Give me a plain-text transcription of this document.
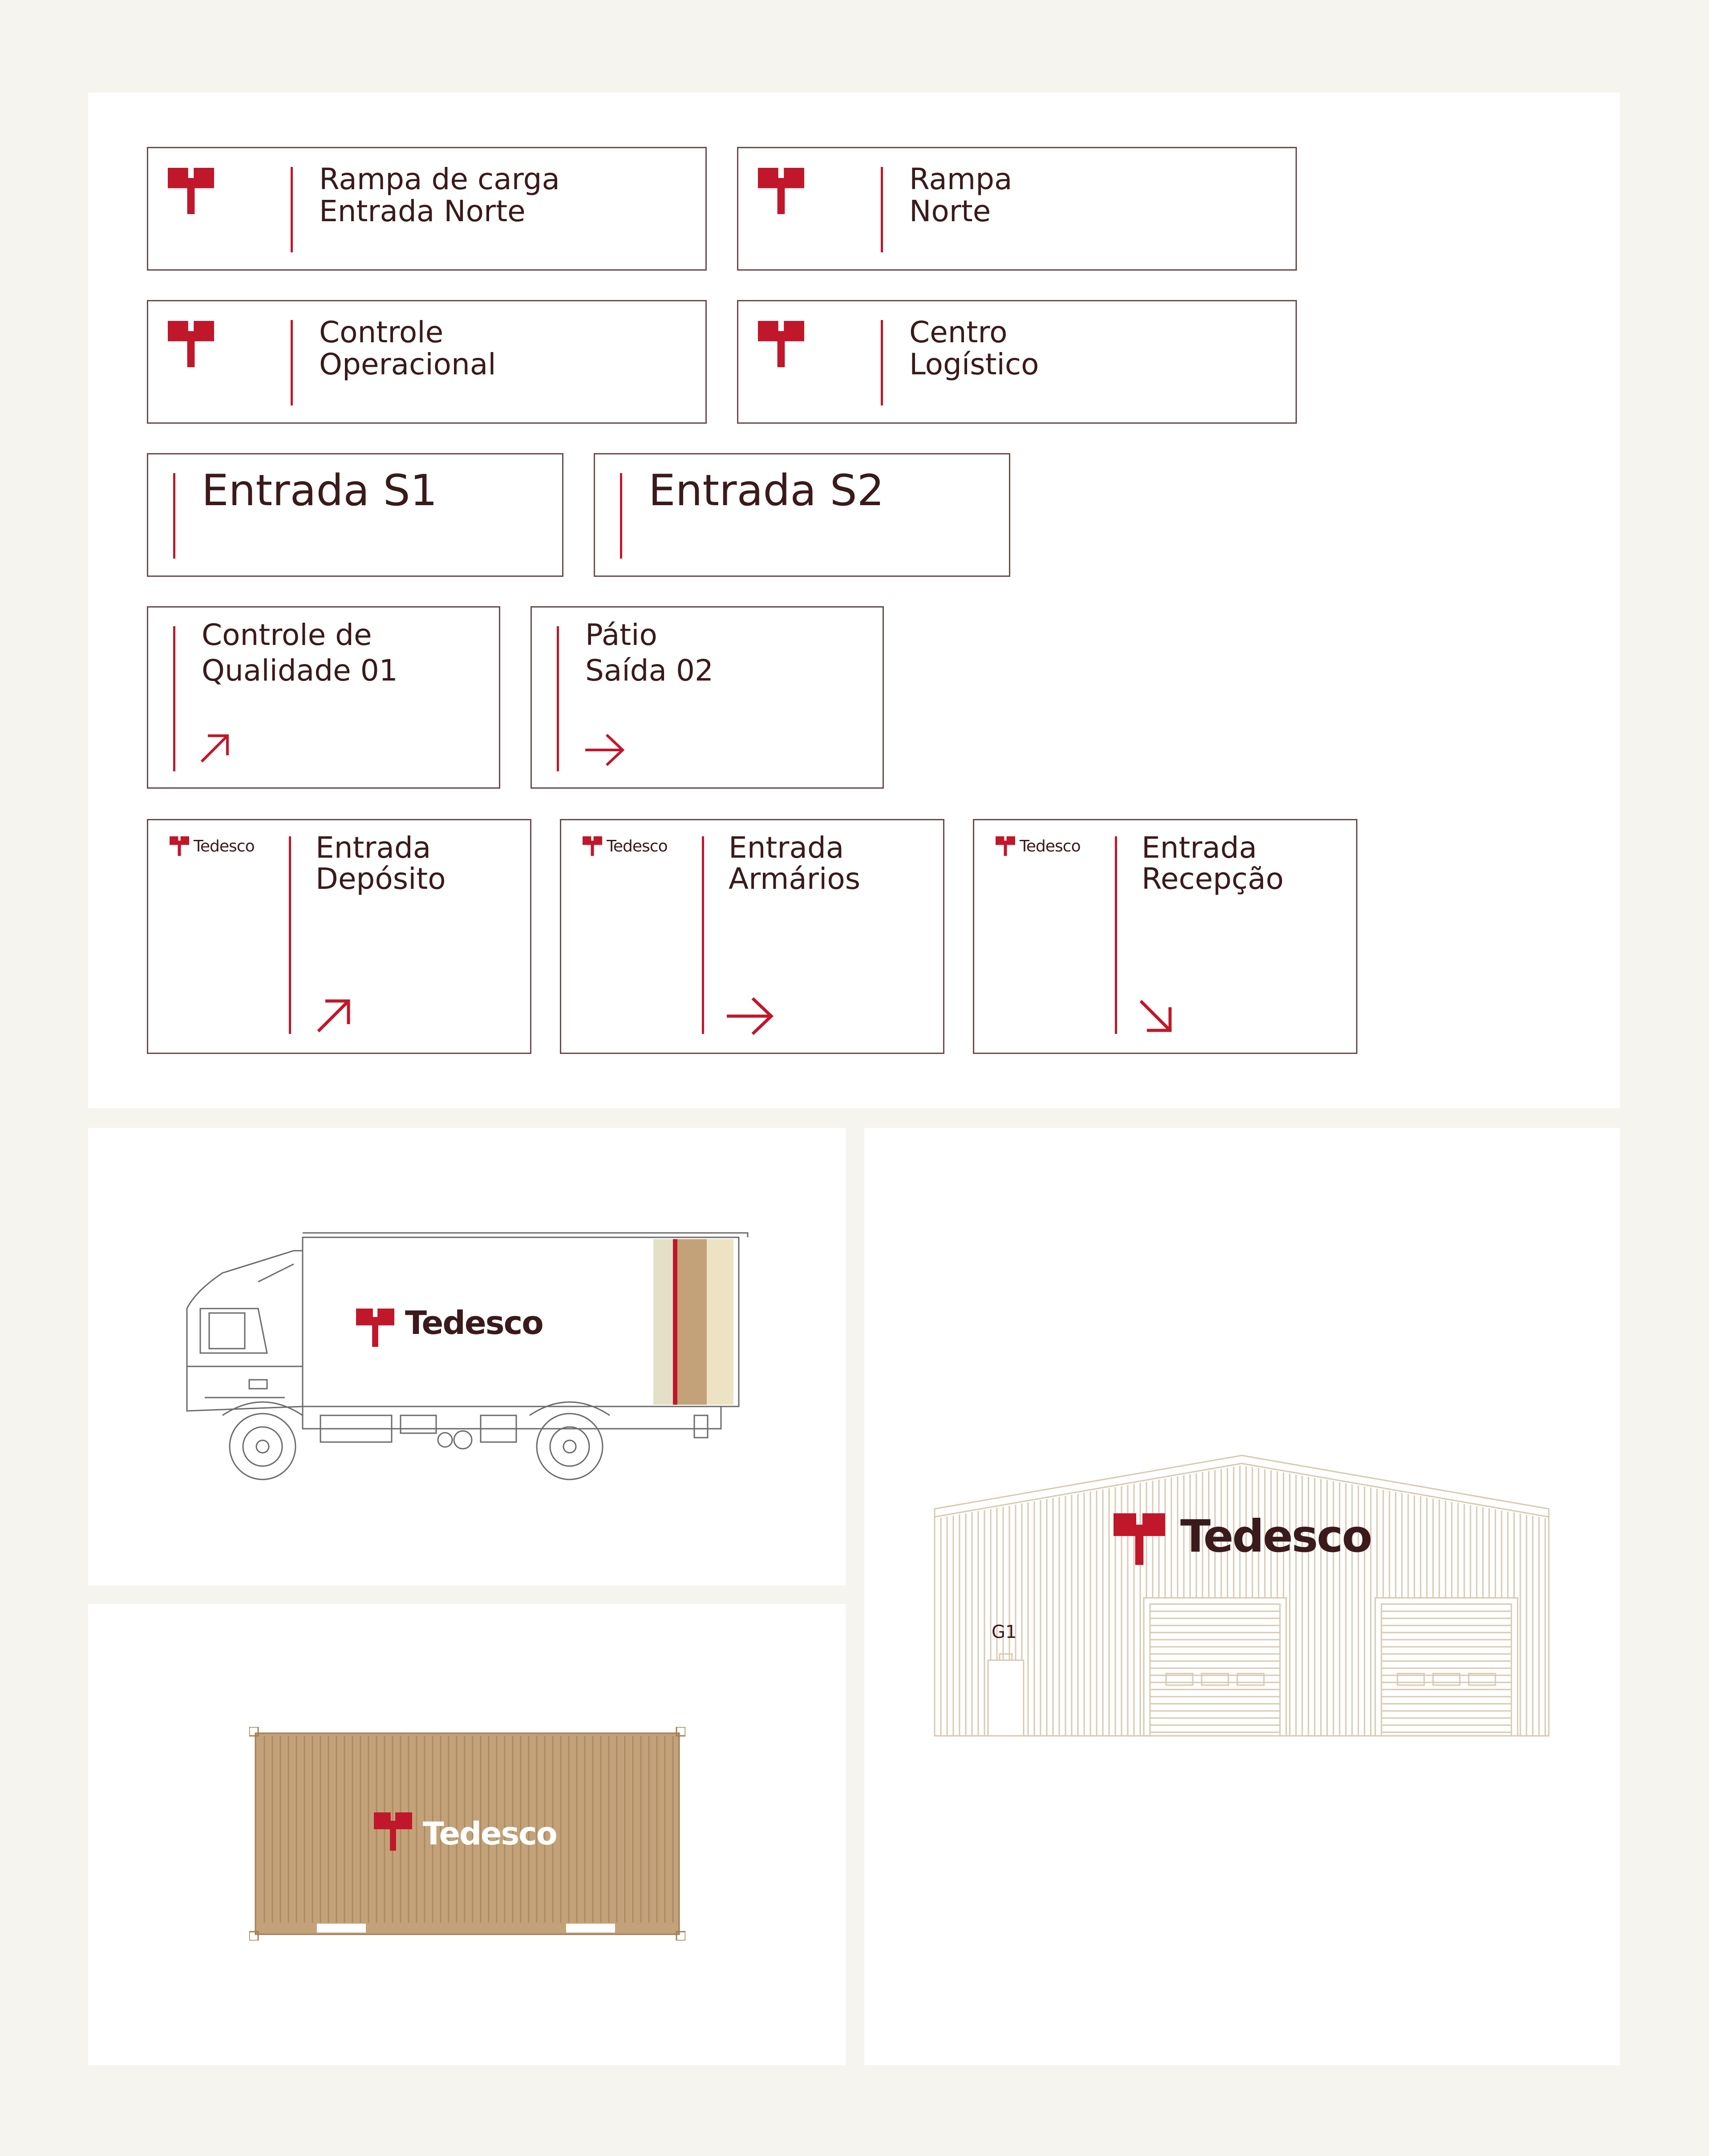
Rampa de carga

Entrada Norte

Rampa

Norte

Controle

Operacional

Centro

Logístico

Entrada S1	Entrada S2

Controle de

Qualidade 01

Pátio

Saída 02

Tedesco Entrada

Depósito

Tedesco Entrada

Armários

Tedesco Entrada

Recepção

Tedesco

Tedesco

Tedesco

G1
